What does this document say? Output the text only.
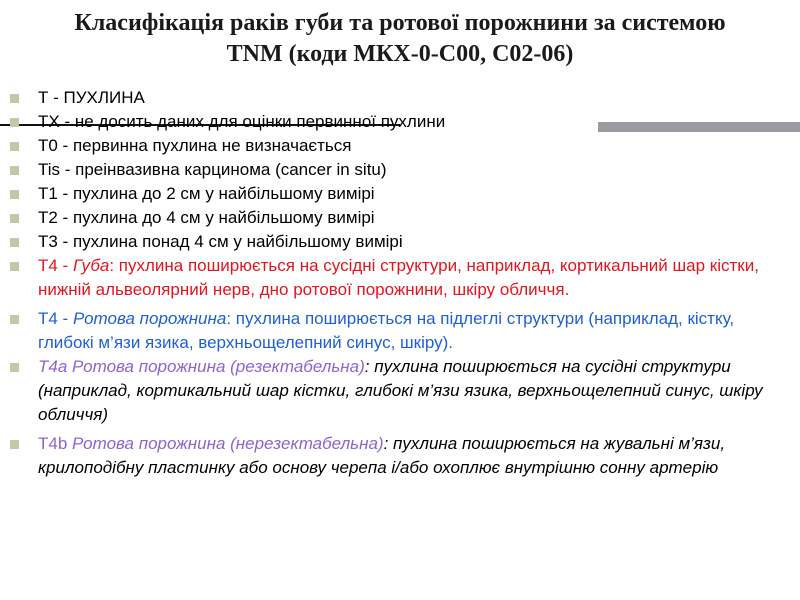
Класифікація раків губи та ротової порожнини за системою
TNM (коди МКХ-0-С00, С02-06)
Т - ПУХЛИНА
ТХ - не досить даних для оцінки первинної пухлини
Т0 - первинна пухлина не визначається
Tis - преінвазивна карцинома (cancer in situ)
Т1 - пухлина до 2 см у найбільшому вимірі
Т2 - пухлина до 4 см у найбільшому вимірі
Т3 - пухлина понад 4 см у найбільшому вимірі
T4 - Губа: пухлина поширюється на сусідні структури, наприклад, кортикальний шар кістки, нижній альвеолярний нерв, дно ротової порожнини, шкіру обличчя.
T4 - Ротова порожнина: пухлина поширюється на підлеглі структури (наприклад, кістку, глибокі м’язи язика, верхньощелепний синус, шкіру).
T4a Ротова порожнина (резектабельна): пухлина поширюється на сусідні структури (наприклад, кортикальний шар кістки, глибокі м’язи язика, верхньощелепний синус, шкіру обличчя)
T4b Ротова порожнина (нерезектабельна): пухлина поширюється на жувальні м’язи, крилоподібну пластинку або основу черепа і/або охоплює внутрішню сонну артерію
